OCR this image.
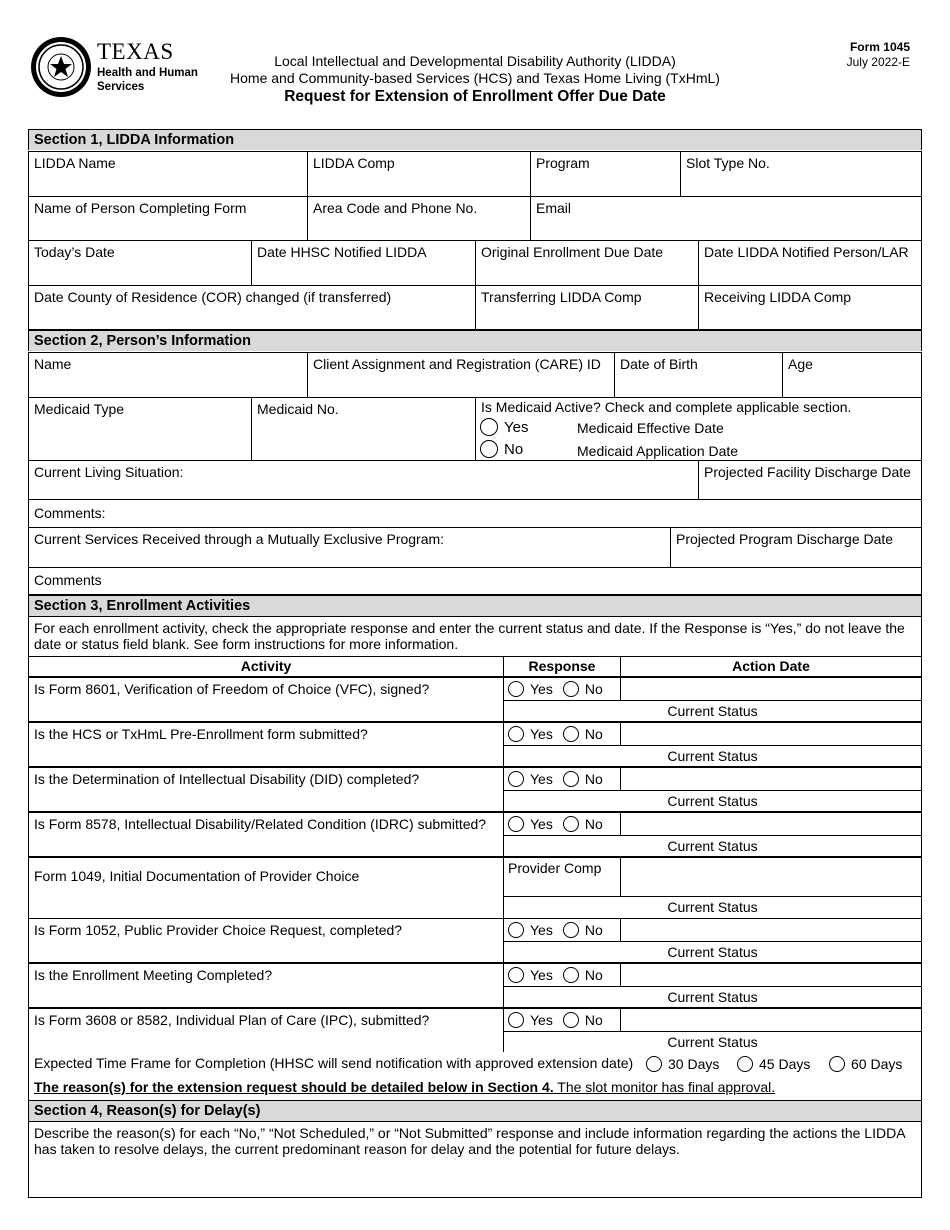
TEXAS
Health and Human
Services
Local Intellectual and Developmental Disability Authority (LIDDA)
Home and Community-based Services (HCS) and Texas Home Living (TxHmL)
Request for Extension of Enrollment Offer Due Date
Form 1045
July 2022-E
Section 1, LIDDA Information
LIDDA Name	LIDDA Comp	Program	Slot Type No.
Name of Person Completing Form	Area Code and Phone No.	Email
Today’s Date	Date HHSC Notified LIDDA	Original Enrollment Due Date	Date LIDDA Notified Person/LAR
Date County of Residence (COR) changed (if transferred)	Transferring LIDDA Comp	Receiving LIDDA Comp
Section 2, Person’s Information
Name	Client Assignment and Registration (CARE) ID	Date of Birth	Age
Medicaid Type	Medicaid No.	Is Medicaid Active? Check and complete applicable section.
Yes	Medicaid Effective Date
No	Medicaid Application Date
Current Living Situation:	Projected Facility Discharge Date
Comments:
Current Services Received through a Mutually Exclusive Program:	Projected Program Discharge Date
Comments
Section 3, Enrollment Activities
For each enrollment activity, check the appropriate response and enter the current status and date. If the Response is “Yes,” do not leave the date or status field blank. See form instructions for more information.
Activity	Response	Action Date
Is Form 8601, Verification of Freedom of Choice (VFC), signed?	Yes No
Current Status
Is the HCS or TxHmL Pre-Enrollment form submitted?	Yes No
Current Status
Is the Determination of Intellectual Disability (DID) completed?	Yes No
Current Status
Is Form 8578, Intellectual Disability/Related Condition (IDRC) submitted?	Yes No
Current Status
Form 1049, Initial Documentation of Provider Choice	Provider Comp
Current Status
Is Form 1052, Public Provider Choice Request, completed?	Yes No
Current Status
Is the Enrollment Meeting Completed?	Yes No
Current Status
Is Form 3608 or 8582, Individual Plan of Care (IPC), submitted?	Yes No
Current Status
Expected Time Frame for Completion (HHSC will send notification with approved extension date)	30 Days	45 Days	60 Days
The reason(s) for the extension request should be detailed below in Section 4. The slot monitor has final approval.
Section 4, Reason(s) for Delay(s)
Describe the reason(s) for each “No,” “Not Scheduled,” or “Not Submitted” response and include information regarding the actions the LIDDA has taken to resolve delays, the current predominant reason for delay and the potential for future delays.
